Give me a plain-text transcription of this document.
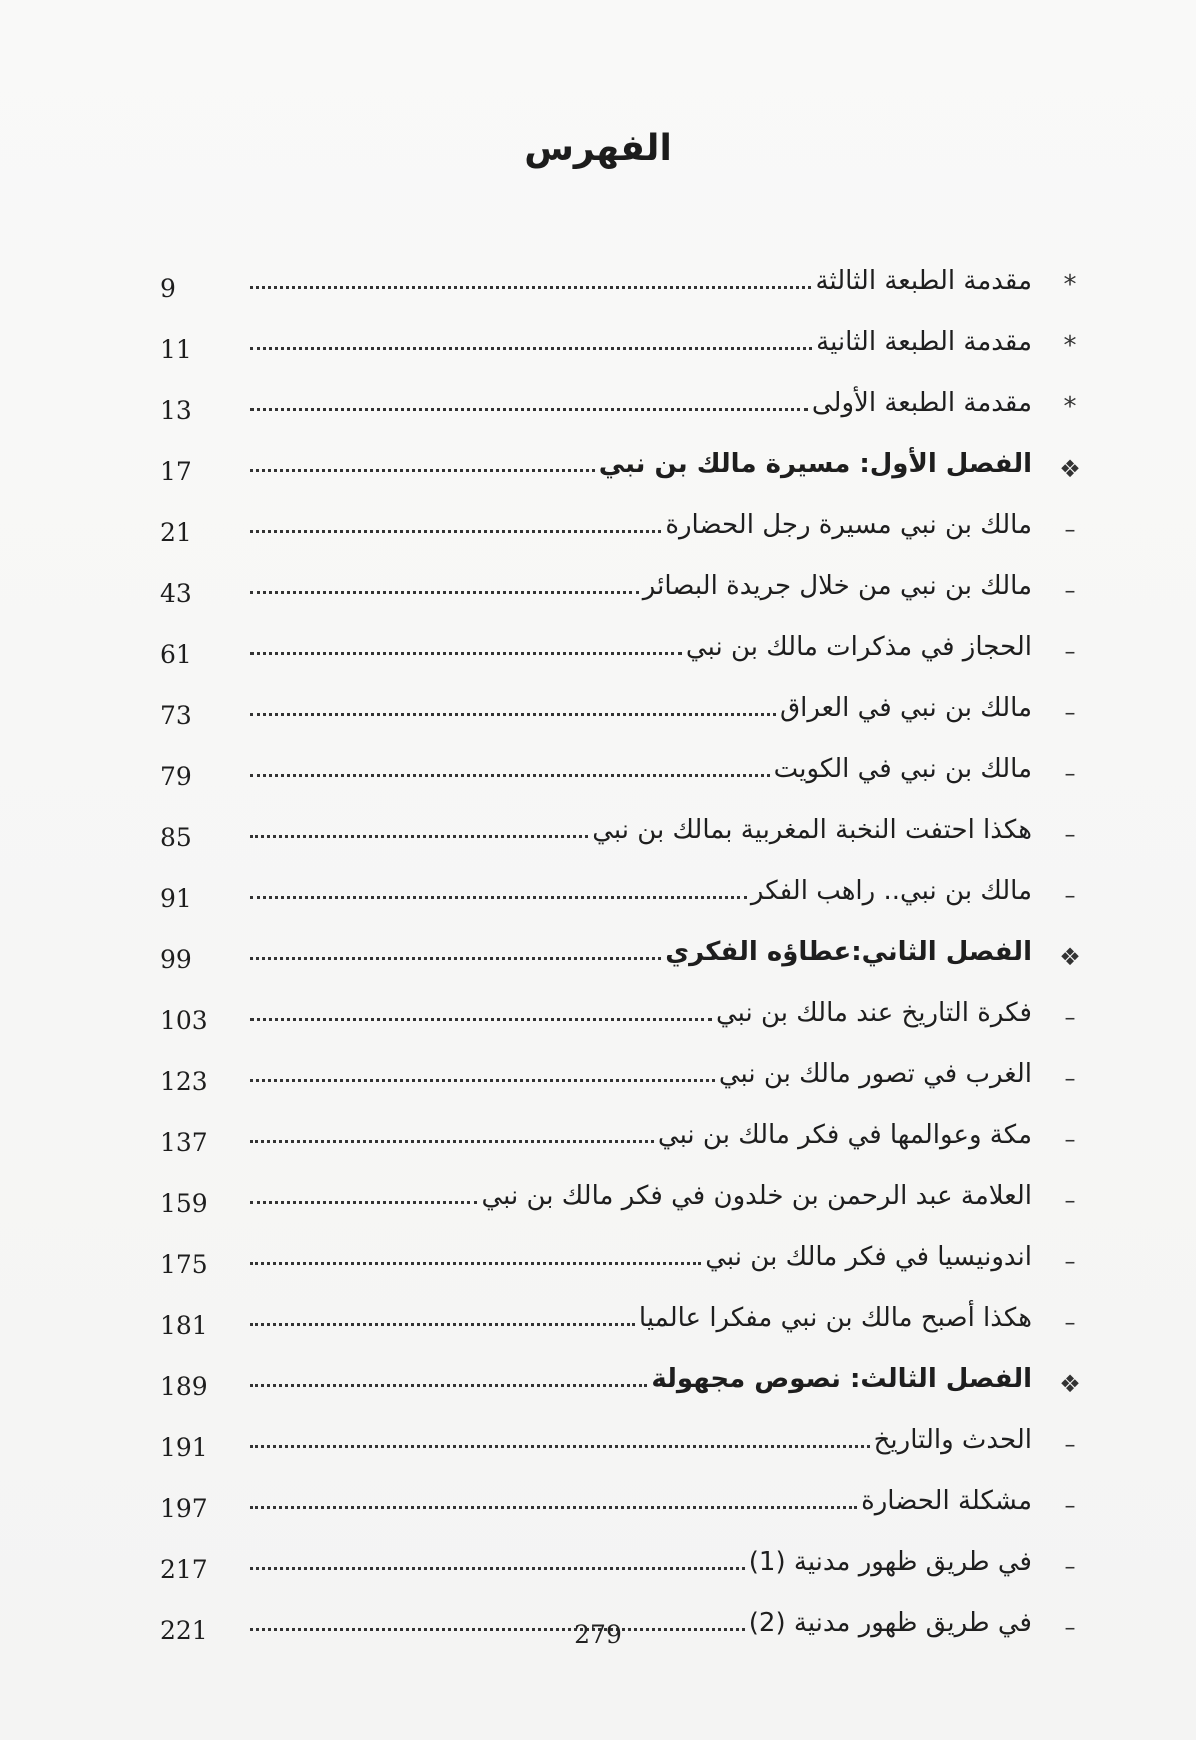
الفهرس
*
مقدمة الطبعة الثالثة
9
*
مقدمة الطبعة الثانية
11
*
مقدمة الطبعة الأولى
13
❖
الفصل الأول: مسيرة مالك بن نبي
17
–
مالك بن نبي مسيرة رجل الحضارة
21
–
مالك بن نبي من خلال جريدة البصائر
43
–
الحجاز في مذكرات مالك بن نبي
61
–
مالك بن نبي في العراق
73
–
مالك بن نبي في الكويت
79
–
هكذا احتفت النخبة المغربية بمالك بن نبي
85
–
مالك بن نبي.. راهب الفكر
91
❖
الفصل الثاني:عطاؤه الفكري
99
–
فكرة التاريخ عند مالك بن نبي
103
–
الغرب في تصور مالك بن نبي
123
–
مكة وعوالمها في فكر مالك بن نبي
137
–
العلامة عبد الرحمن بن خلدون في فكر مالك بن نبي
159
–
اندونيسيا في فكر مالك بن نبي
175
–
هكذا أصبح مالك بن نبي مفكرا عالميا
181
❖
الفصل الثالث: نصوص مجهولة
189
–
الحدث والتاريخ
191
–
مشكلة الحضارة
197
–
في طريق ظهور مدنية (1)
217
–
في طريق ظهور مدنية (2)
221	279
